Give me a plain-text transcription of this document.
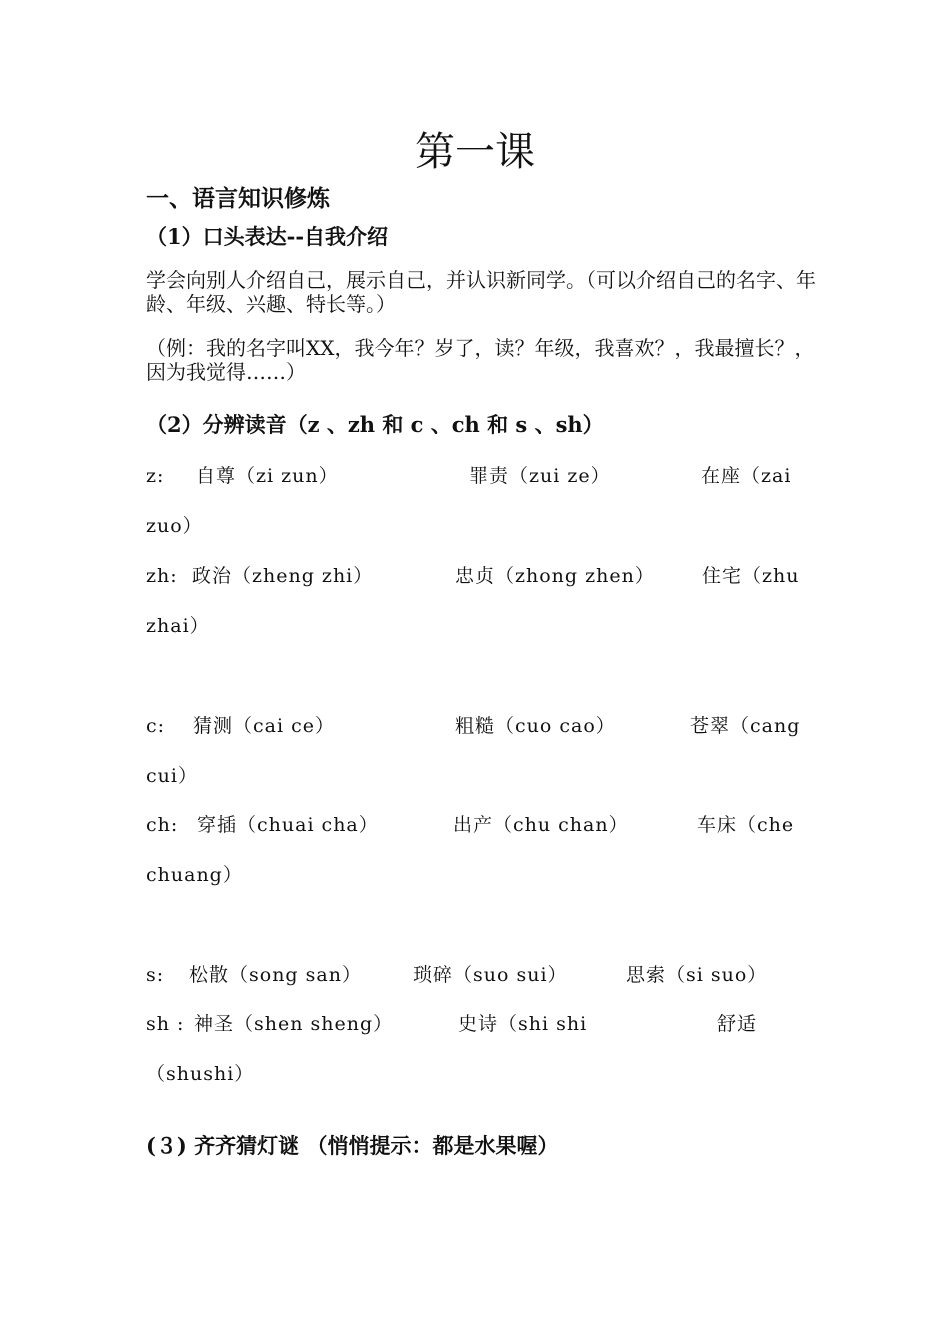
第一课
一、语言知识修炼
（1）口头表达--自我介绍
学会向别人介绍自己，展示自己，并认识新同学。（可以介绍自己的名字、年龄、年级、兴趣、特长等。）
（例：我的名字叫XX，我今年？岁了，读？年级，我喜欢？，我最擅长？，因为我觉得……）
（2）分辨读音（z 、zh 和 c 、ch 和 s 、sh）
z: 自尊（zi zun）	罪责（zui ze）	在座（zai
zuo）
zh: 政治（zheng zhi）	忠贞（zhong zhen） 住宅（zhu
zhai）
c: 猜测（cai ce）	粗糙（cuo cao）	苍翠（cang
cui）
ch: 穿插（chuai cha）	出产（chu chan）	车床（che
chuang）
s: 松散（song san）	琐碎（suo sui）	思索（si suo）
sh : 神圣（shen sheng）	史诗（shi shi	舒适
（shushi）
(３) 齐齐猜灯谜 （悄悄提示：都是水果喔）
